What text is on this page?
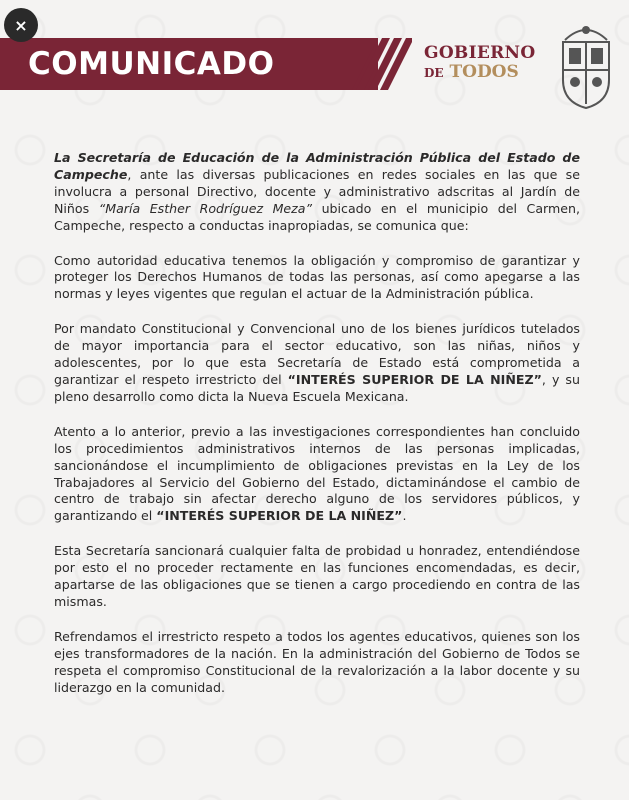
×
COMUNICADO	GOBIERNO
DE TODOS

La Secretaría de Educación de la Administración Pública del Estado de Campeche, ante las diversas publicaciones en redes sociales en las que se involucra a personal Directivo, docente y administrativo adscritas al Jardín de Niños “María Esther Rodríguez Meza” ubicado en el municipio del Carmen, Campeche, respecto a conductas inapropiadas, se comunica que:

Como autoridad educativa tenemos la obligación y compromiso de garantizar y proteger los Derechos Humanos de todas las personas, así como apegarse a las normas y leyes vigentes que regulan el actuar de la Administración pública.

Por mandato Constitucional y Convencional uno de los bienes jurídicos tutelados de mayor importancia para el sector educativo, son las niñas, niños y adolescentes, por lo que esta Secretaría de Estado está comprometida a garantizar el respeto irrestricto del “INTERÉS SUPERIOR DE LA NIÑEZ”, y su pleno desarrollo como dicta la Nueva Escuela Mexicana.

Atento a lo anterior, previo a las investigaciones correspondientes han concluido los procedimientos administrativos internos de las personas implicadas, sancionándose el incumplimiento de obligaciones previstas en la Ley de los Trabajadores al Servicio del Gobierno del Estado, dictaminándose el cambio de centro de trabajo sin afectar derecho alguno de los servidores públicos, y garantizando el “INTERÉS SUPERIOR DE LA NIÑEZ”.

Esta Secretaría sancionará cualquier falta de probidad u honradez, entendiéndose por esto el no proceder rectamente en las funciones encomendadas, es decir, apartarse de las obligaciones que se tienen a cargo procediendo en contra de las mismas.

Refrendamos el irrestricto respeto a todos los agentes educativos, quienes son los ejes transformadores de la nación. En la administración del Gobierno de Todos se respeta el compromiso Constitucional de la revalorización a la labor docente y su liderazgo en la comunidad.
